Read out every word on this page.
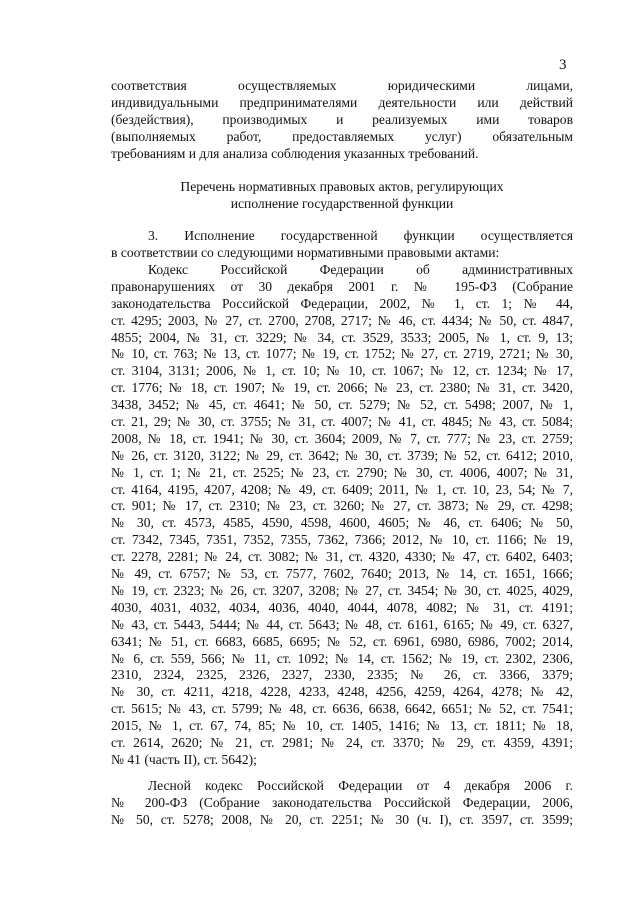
3
соответствия осуществляемых юридическими лицами,
индивидуальными предпринимателями деятельности или действий
(бездействия), производимых и реализуемых ими товаров
(выполняемых работ, предоставляемых услуг) обязательным
требованиям и для анализа соблюдения указанных требований.
Перечень нормативных правовых актов, регулирующих
исполнение государственной функции
3. Исполнение государственной функции осуществляется
в соответствии со следующими нормативными правовыми актами:
Кодекс Российской Федерации об административных
правонарушениях от 30 декабря 2001 г. № 195-ФЗ (Собрание
законодательства Российской Федерации, 2002, № 1, ст. 1; № 44,
ст. 4295; 2003, № 27, ст. 2700, 2708, 2717; № 46, ст. 4434; № 50, ст. 4847,
4855; 2004, № 31, ст. 3229; № 34, ст. 3529, 3533; 2005, № 1, ст. 9, 13;
№ 10, ст. 763; № 13, ст. 1077; № 19, ст. 1752; № 27, ст. 2719, 2721; № 30,
ст. 3104, 3131; 2006, № 1, ст. 10; № 10, ст. 1067; № 12, ст. 1234; № 17,
ст. 1776; № 18, ст. 1907; № 19, ст. 2066; № 23, ст. 2380; № 31, ст. 3420,
3438, 3452; № 45, ст. 4641; № 50, ст. 5279; № 52, ст. 5498; 2007, № 1,
ст. 21, 29; № 30, ст. 3755; № 31, ст. 4007; № 41, ст. 4845; № 43, ст. 5084;
2008, № 18, ст. 1941; № 30, ст. 3604; 2009, № 7, ст. 777; № 23, ст. 2759;
№ 26, ст. 3120, 3122; № 29, ст. 3642; № 30, ст. 3739; № 52, ст. 6412; 2010,
№ 1, ст. 1; № 21, ст. 2525; № 23, ст. 2790; № 30, ст. 4006, 4007; № 31,
ст. 4164, 4195, 4207, 4208; № 49, ст. 6409; 2011, № 1, ст. 10, 23, 54; № 7,
ст. 901; № 17, ст. 2310; № 23, ст. 3260; № 27, ст. 3873; № 29, ст. 4298;
№ 30, ст. 4573, 4585, 4590, 4598, 4600, 4605; № 46, ст. 6406; № 50,
ст. 7342, 7345, 7351, 7352, 7355, 7362, 7366; 2012, № 10, ст. 1166; № 19,
ст. 2278, 2281; № 24, ст. 3082; № 31, ст. 4320, 4330; № 47, ст. 6402, 6403;
№ 49, ст. 6757; № 53, ст. 7577, 7602, 7640; 2013, № 14, ст. 1651, 1666;
№ 19, ст. 2323; № 26, ст. 3207, 3208; № 27, ст. 3454; № 30, ст. 4025, 4029,
4030, 4031, 4032, 4034, 4036, 4040, 4044, 4078, 4082; № 31, ст. 4191;
№ 43, ст. 5443, 5444; № 44, ст. 5643; № 48, ст. 6161, 6165; № 49, ст. 6327,
6341; № 51, ст. 6683, 6685, 6695; № 52, ст. 6961, 6980, 6986, 7002; 2014,
№ 6, ст. 559, 566; № 11, ст. 1092; № 14, ст. 1562; № 19, ст. 2302, 2306,
2310, 2324, 2325, 2326, 2327, 2330, 2335; № 26, ст. 3366, 3379;
№ 30, ст. 4211, 4218, 4228, 4233, 4248, 4256, 4259, 4264, 4278; № 42,
ст. 5615; № 43, ст. 5799; № 48, ст. 6636, 6638, 6642, 6651; № 52, ст. 7541;
2015, № 1, ст. 67, 74, 85; № 10, ст. 1405, 1416; № 13, ст. 1811; № 18,
ст. 2614, 2620; № 21, ст. 2981; № 24, ст. 3370; № 29, ст. 4359, 4391;
№ 41 (часть II), ст. 5642);
Лесной кодекс Российской Федерации от 4 декабря 2006 г.
№ 200-ФЗ (Собрание законодательства Российской Федерации, 2006,
№ 50, ст. 5278; 2008, № 20, ст. 2251; № 30 (ч. I), ст. 3597, ст. 3599;
